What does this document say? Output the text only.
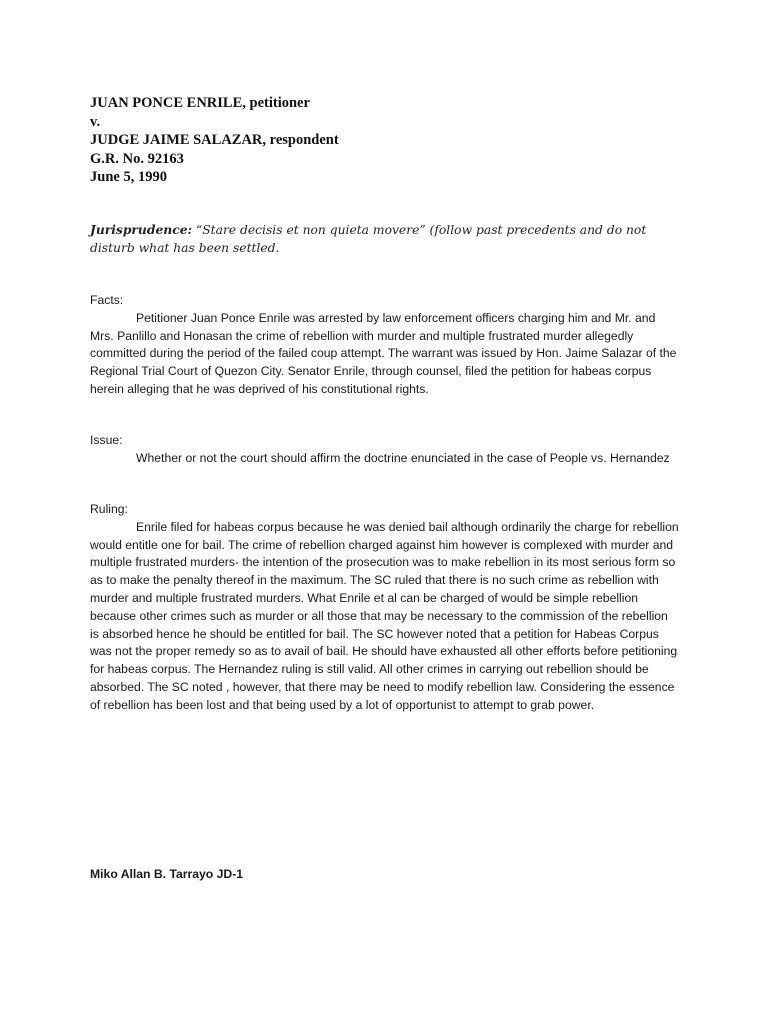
JUAN PONCE ENRILE, petitioner
v.
JUDGE JAIME SALAZAR, respondent
G.R. No. 92163
June 5, 1990
Jurisprudence: “Stare decisis et non quieta movere” (follow past precedents and do not disturb what has been settled.
Facts:
Petitioner Juan Ponce Enrile was arrested by law enforcement officers charging him and Mr. and Mrs. Panlillo and Honasan the crime of rebellion with murder and multiple frustrated murder allegedly committed during the period of the failed coup attempt. The warrant was issued by Hon. Jaime Salazar of the Regional Trial Court of Quezon City. Senator Enrile, through counsel, filed the petition for habeas corpus herein alleging that he was deprived of his constitutional rights.
Issue:
Whether or not the court should affirm the doctrine enunciated in the case of People vs. Hernandez
Ruling:
Enrile filed for habeas corpus because he was denied bail although ordinarily the charge for rebellion would entitle one for bail. The crime of rebellion charged against him however is complexed with murder and multiple frustrated murders- the intention of the prosecution was to make rebellion in its most serious form so as to make the penalty thereof in the maximum. The SC ruled that there is no such crime as rebellion with murder and multiple frustrated murders. What Enrile et al can be charged of would be simple rebellion because other crimes such as murder or all those that may be necessary to the commission of the rebellion is absorbed hence he should be entitled for bail. The SC however noted that a petition for Habeas Corpus was not the proper remedy so as to avail of bail. He should have exhausted all other efforts before petitioning for habeas corpus. The Hernandez ruling is still valid. All other crimes in carrying out rebellion should be absorbed. The SC noted , however, that there may be need to modify rebellion law. Considering the essence of rebellion has been lost and that being used by a lot of opportunist to attempt to grab power.
Miko Allan B. Tarrayo JD-1
